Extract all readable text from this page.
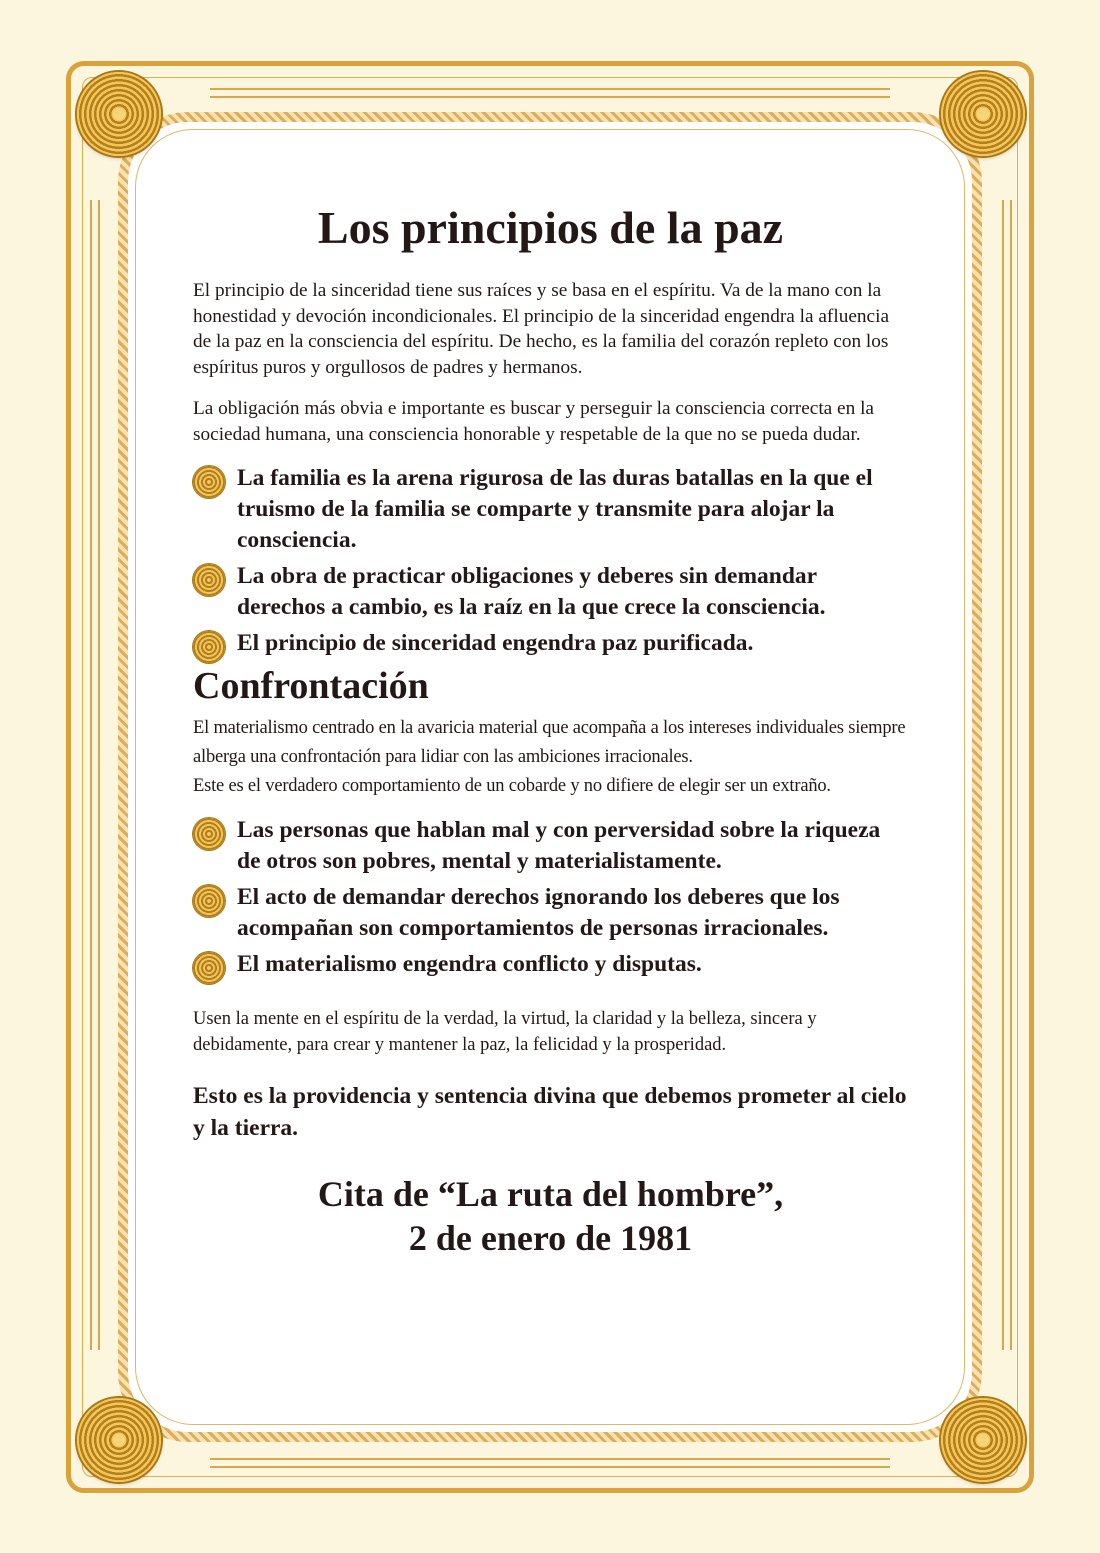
Los principios de la paz

El principio de la sinceridad tiene sus raíces y se basa en el espíritu. Va de la mano con la honestidad y devoción incondicionales. El principio de la sinceridad engendra la afluencia de la paz en la consciencia del espíritu. De hecho, es la familia del corazón repleto con los espíritus puros y orgullosos de padres y hermanos.

La obligación más obvia e importante es buscar y perseguir la consciencia correcta en la sociedad humana, una consciencia honorable y respetable de la que no se pueda dudar.

La familia es la arena rigurosa de las duras batallas en la que el truismo de la familia se comparte y transmite para alojar la consciencia.
La obra de practicar obligaciones y deberes sin demandar derechos a cambio, es la raíz en la que crece la consciencia.
El principio de sinceridad engendra paz purificada.
Confrontación

El materialismo centrado en la avaricia material que acompaña a los intereses individuales siempre alberga una confrontación para lidiar con las ambiciones irracionales.

Este es el verdadero comportamiento de un cobarde y no difiere de elegir ser un extraño.

Las personas que hablan mal y con perversidad sobre la riqueza de otros son pobres, mental y materialistamente.
El acto de demandar derechos ignorando los deberes que los acompañan son comportamientos de personas irracionales.
El materialismo engendra conflicto y disputas.

Usen la mente en el espíritu de la verdad, la virtud, la claridad y la belleza, sincera y debidamente, para crear y mantener la paz, la felicidad y la prosperidad.

Esto es la providencia y sentencia divina que debemos prometer al cielo y la tierra.

Cita de “La ruta del hombre”,
2 de enero de 1981
